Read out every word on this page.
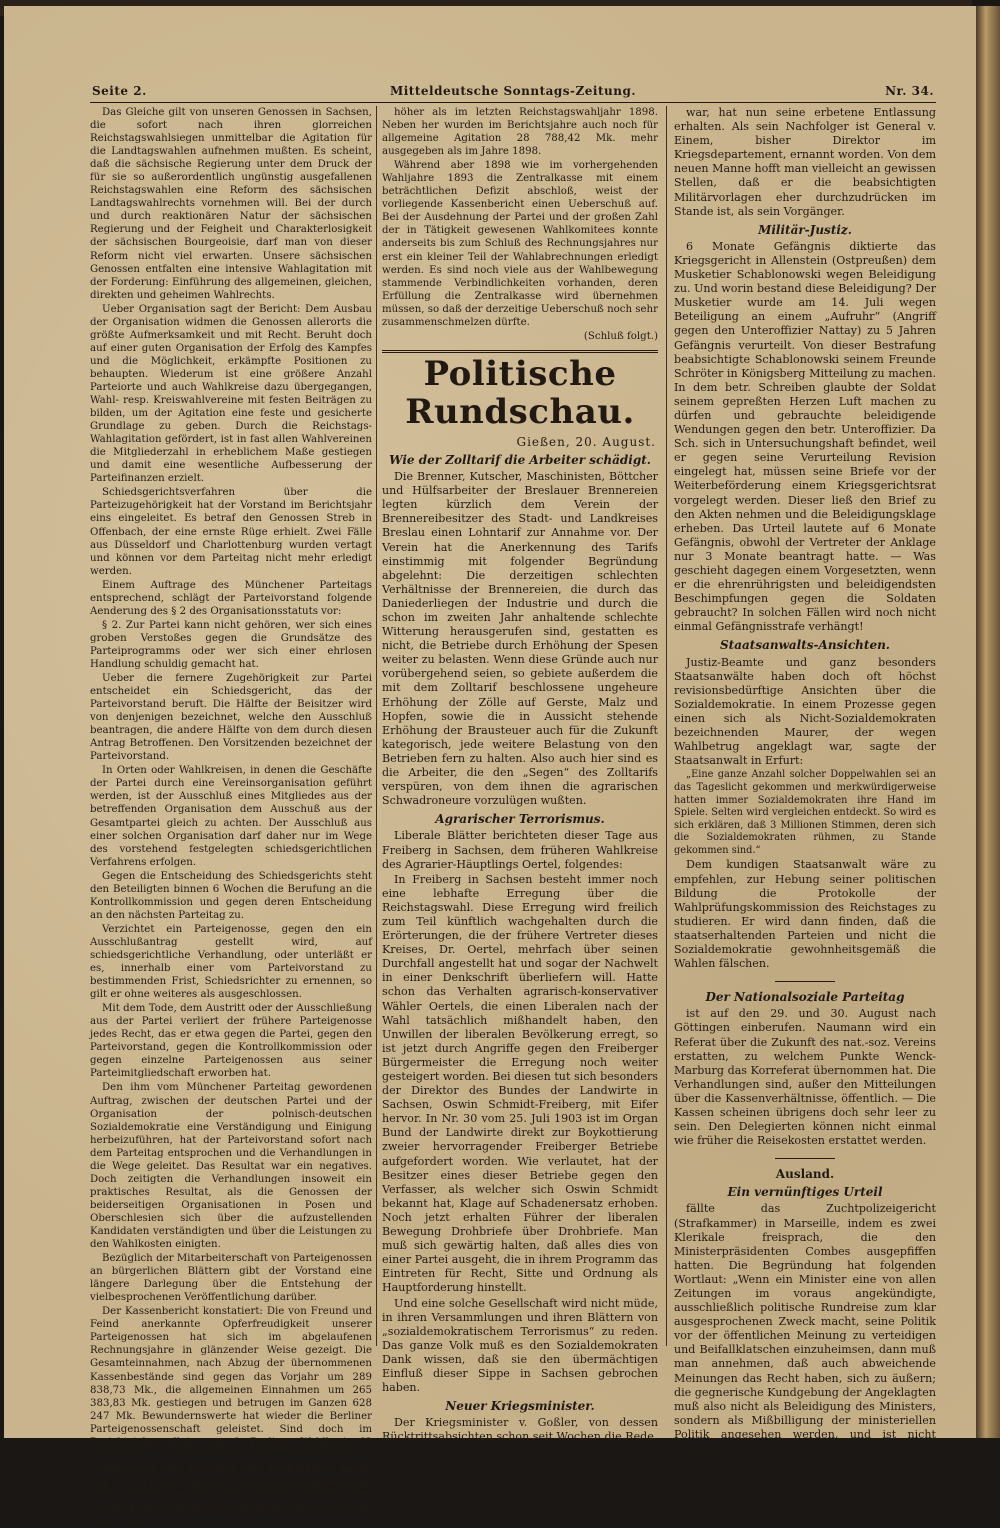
Seite 2.	Mitteldeutsche Sonntags-Zeitung.	Nr. 34.

Das Gleiche gilt von unseren Genossen in Sachsen, die sofort nach ihren glorreichen Reichstagswahlsiegen unmittelbar die Agitation für die Landtagswahlen aufnehmen mußten. Es scheint, daß die sächsische Regierung unter dem Druck der für sie so außerordentlich ungünstig ausgefallenen Reichstagswahlen eine Reform des sächsischen Landtagswahlrechts vornehmen will. Bei der durch und durch reaktionären Natur der sächsischen Regierung und der Feigheit und Charakterlosigkeit der sächsischen Bourgeoisie, darf man von dieser Reform nicht viel erwarten. Unsere sächsischen Genossen entfalten eine intensive Wahlagitation mit der Forderung: Einführung des allgemeinen, gleichen, direkten und geheimen Wahlrechts.

Ueber Organisation sagt der Bericht: Dem Ausbau der Organisation widmen die Genossen allerorts die größte Aufmerksamkeit und mit Recht. Beruht doch auf einer guten Organisation der Erfolg des Kampfes und die Möglichkeit, erkämpfte Positionen zu behaupten. Wiederum ist eine größere Anzahl Parteiorte und auch Wahlkreise dazu übergegangen, Wahl- resp. Kreiswahlvereine mit festen Beiträgen zu bilden, um der Agitation eine feste und gesicherte Grundlage zu geben. Durch die Reichstags-Wahlagitation gefördert, ist in fast allen Wahlvereinen die Mitgliederzahl in erheblichem Maße gestiegen und damit eine wesentliche Aufbesserung der Parteifinanzen erzielt.

Schiedsgerichtsverfahren über die Parteizugehörigkeit hat der Vorstand im Berichtsjahr eins eingeleitet. Es betraf den Genossen Streb in Offenbach, der eine ernste Rüge erhielt. Zwei Fälle aus Düsseldorf und Charlottenburg wurden vertagt und können vor dem Parteitag nicht mehr erledigt werden.

Einem Auftrage des Münchener Parteitags entsprechend, schlägt der Parteivorstand folgende Aenderung des § 2 des Organisationsstatuts vor:

§ 2. Zur Partei kann nicht gehören, wer sich eines groben Verstoßes gegen die Grundsätze des Parteiprogramms oder wer sich einer ehrlosen Handlung schuldig gemacht hat.

Ueber die fernere Zugehörigkeit zur Partei entscheidet ein Schiedsgericht, das der Parteivorstand beruft. Die Hälfte der Beisitzer wird von denjenigen bezeichnet, welche den Ausschluß beantragen, die andere Hälfte von dem durch diesen Antrag Betroffenen. Den Vorsitzenden bezeichnet der Parteivorstand.

In Orten oder Wahlkreisen, in denen die Geschäfte der Partei durch eine Vereinsorganisation geführt werden, ist der Ausschluß eines Mitgliedes aus der betreffenden Organisation dem Ausschuß aus der Gesamtpartei gleich zu achten. Der Ausschluß aus einer solchen Organisation darf daher nur im Wege des vorstehend festgelegten schiedsgerichtlichen Verfahrens erfolgen.

Gegen die Entscheidung des Schiedsgerichts steht den Beteiligten binnen 6 Wochen die Berufung an die Kontrollkommission und gegen deren Entscheidung an den nächsten Parteitag zu.

Verzichtet ein Parteigenosse, gegen den ein Ausschlußantrag gestellt wird, auf schiedsgerichtliche Verhandlung, oder unterläßt er es, innerhalb einer vom Parteivorstand zu bestimmenden Frist, Schiedsrichter zu ernennen, so gilt er ohne weiteres als ausgeschlossen.

Mit dem Tode, dem Austritt oder der Ausschließung aus der Partei verliert der frühere Parteigenosse jedes Recht, das er etwa gegen die Partei, gegen den Parteivorstand, gegen die Kontrollkommission oder gegen einzelne Parteigenossen aus seiner Parteimitgliedschaft erworben hat.

Den ihm vom Münchener Parteitag gewordenen Auftrag, zwischen der deutschen Partei und der Organisation der polnisch-deutschen Sozialdemokratie eine Verständigung und Einigung herbeizuführen, hat der Parteivorstand sofort nach dem Parteitag entsprochen und die Verhandlungen in die Wege geleitet. Das Resultat war ein negatives. Doch zeitigten die Verhandlungen insoweit ein praktisches Resultat, als die Genossen der beiderseitigen Organisationen in Posen und Oberschlesien sich über die aufzustellenden Kandidaten verständigten und über die Leistungen zu den Wahlkosten einigten.

Bezüglich der Mitarbeiterschaft von Parteigenossen an bürgerlichen Blättern gibt der Vorstand eine längere Darlegung über die Entstehung der vielbesprochenen Veröffentlichung darüber.

Der Kassenbericht konstatiert: Die von Freund und Feind anerkannte Opferfreudigkeit unserer Parteigenossen hat sich im abgelaufenen Rechnungsjahre in glänzender Weise gezeigt. Die Gesamteinnahmen, nach Abzug der übernommenen Kassenbestände sind gegen das Vorjahr um 289 838,73 Mk., die allgemeinen Einnahmen um 265 383,83 Mk. gestiegen und betrugen im Ganzen 628 247 Mk. Bewundernswerte hat wieder die Berliner Parteigenossenschaft geleistet. Sind doch im Berichtsjahre allein vom 6. Berliner Wahlkreis 63 259,16 Mk. an die Zentralkasse abgeführt worden.

Aber auch die Ausgaben der Zentralkasse haben mit 554 211,88 Mk. eine noch nicht dagewesene Höhe erreicht. Obenan stehen natürlich die Ausgaben für die Kosten der Reichstagswahlen. Sie sind um 68 840,35 Mk

höher als im letzten Reichstagswahljahr 1898. Neben her wurden im Berichtsjahre auch noch für allgemeine Agitation 28 788,42 Mk. mehr ausgegeben als im Jahre 1898.

Während aber 1898 wie im vorhergehenden Wahljahre 1893 die Zentralkasse mit einem beträchtlichen Defizit abschloß, weist der vorliegende Kassenbericht einen Ueberschuß auf. Bei der Ausdehnung der Partei und der großen Zahl der in Tätigkeit gewesenen Wahlkomitees konnte anderseits bis zum Schluß des Rechnungsjahres nur erst ein kleiner Teil der Wahlabrechnungen erledigt werden. Es sind noch viele aus der Wahlbewegung stammende Verbindlichkeiten vorhanden, deren Erfüllung die Zentralkasse wird übernehmen müssen, so daß der derzeitige Ueberschuß noch sehr zusammenschmelzen dürfte.

(Schluß folgt.)

Politische Rundschau.
Gießen, 20. August.
Wie der Zolltarif die Arbeiter schädigt.

Die Brenner, Kutscher, Maschinisten, Böttcher und Hülfsarbeiter der Breslauer Brennereien legten kürzlich dem Verein der Brennereibesitzer des Stadt- und Landkreises Breslau einen Lohntarif zur Annahme vor. Der Verein hat die Anerkennung des Tarifs einstimmig mit folgender Begründung abgelehnt: Die derzeitigen schlechten Verhältnisse der Brennereien, die durch das Daniederliegen der Industrie und durch die schon im zweiten Jahr anhaltende schlechte Witterung herausgerufen sind, gestatten es nicht, die Betriebe durch Erhöhung der Spesen weiter zu belasten. Wenn diese Gründe auch nur vorübergehend seien, so gebiete außerdem die mit dem Zolltarif beschlossene ungeheure Erhöhung der Zölle auf Gerste, Malz und Hopfen, sowie die in Aussicht stehende Erhöhung der Brausteuer auch für die Zukunft kategorisch, jede weitere Belastung von den Betrieben fern zu halten. Also auch hier sind es die Arbeiter, die den „Segen“ des Zolltarifs verspüren, von dem ihnen die agrarischen Schwadroneure vorzulügen wußten.

Agrarischer Terrorismus.

Liberale Blätter berichteten dieser Tage aus Freiberg in Sachsen, dem früheren Wahlkreise des Agrarier-Häuptlings Oertel, folgendes:

In Freiberg in Sachsen besteht immer noch eine lebhafte Erregung über die Reichstagswahl. Diese Erregung wird freilich zum Teil künftlich wachgehalten durch die Erörterungen, die der frühere Vertreter dieses Kreises, Dr. Oertel, mehrfach über seinen Durchfall angestellt hat und sogar der Nachwelt in einer Denkschrift überliefern will. Hatte schon das Verhalten agrarisch-konservativer Wähler Oertels, die einen Liberalen nach der Wahl tatsächlich mißhandelt haben, den Unwillen der liberalen Bevölkerung erregt, so ist jetzt durch Angriffe gegen den Freiberger Bürgermeister die Erregung noch weiter gesteigert worden. Bei diesen tut sich besonders der Direktor des Bundes der Landwirte in Sachsen, Oswin Schmidt-Freiberg, mit Eifer hervor. In Nr. 30 vom 25. Juli 1903 ist im Organ Bund der Landwirte direkt zur Boykottierung zweier hervorragender Freiberger Betriebe aufgefordert worden. Wie verlautet, hat der Besitzer eines dieser Betriebe gegen den Verfasser, als welcher sich Oswin Schmidt bekannt hat, Klage auf Schadenersatz erhoben. Noch jetzt erhalten Führer der liberalen Bewegung Drohbriefe über Drohbriefe. Man muß sich gewärtig halten, daß alles dies von einer Partei ausgeht, die in ihrem Programm das Eintreten für Recht, Sitte und Ordnung als Hauptforderung hinstellt.

Und eine solche Gesellschaft wird nicht müde, in ihren Versammlungen und ihren Blättern von „sozialdemokratischem Terrorismus“ zu reden. Das ganze Volk muß es den Sozialdemokraten Dank wissen, daß sie den übermächtigen Einfluß dieser Sippe in Sachsen gebrochen haben.

Neuer Kriegsminister.

Der Kriegsminister v. Goßler, von dessen Rücktrittsabsichten schon seit Wochen die Rede

war, hat nun seine erbetene Entlassung erhalten. Als sein Nachfolger ist General v. Einem, bisher Direktor im Kriegsdepartement, ernannt worden. Von dem neuen Manne hofft man vielleicht an gewissen Stellen, daß er die beabsichtigten Militärvorlagen eher durchzudrücken im Stande ist, als sein Vorgänger.

Militär-Justiz.

6 Monate Gefängnis diktierte das Kriegsgericht in Allenstein (Ostpreußen) dem Musketier Schablonowski wegen Beleidigung zu. Und worin bestand diese Beleidigung? Der Musketier wurde am 14. Juli wegen Beteiligung an einem „Aufruhr“ (Angriff gegen den Unteroffizier Nattay) zu 5 Jahren Gefängnis verurteilt. Von dieser Bestrafung beabsichtigte Schablonowski seinem Freunde Schröter in Königsberg Mitteilung zu machen. In dem betr. Schreiben glaubte der Soldat seinem gepreßten Herzen Luft machen zu dürfen und gebrauchte beleidigende Wendungen gegen den betr. Unteroffizier. Da Sch. sich in Untersuchungshaft befindet, weil er gegen seine Verurteilung Revision eingelegt hat, müssen seine Briefe vor der Weiterbeförderung einem Kriegsgerichtsrat vorgelegt werden. Dieser ließ den Brief zu den Akten nehmen und die Beleidigungsklage erheben. Das Urteil lautete auf 6 Monate Gefängnis, obwohl der Vertreter der Anklage nur 3 Monate beantragt hatte. — Was geschieht dagegen einem Vorgesetzten, wenn er die ehrenrührigsten und beleidigendsten Beschimpfungen gegen die Soldaten gebraucht? In solchen Fällen wird noch nicht einmal Gefängnisstrafe verhängt!

Staatsanwalts-Ansichten.

Justiz-Beamte und ganz besonders Staatsanwälte haben doch oft höchst revisionsbedürftige Ansichten über die Sozialdemokratie. In einem Prozesse gegen einen sich als Nicht-Sozialdemokraten bezeichnenden Maurer, der wegen Wahlbetrug angeklagt war, sagte der Staatsanwalt in Erfurt:

„Eine ganze Anzahl solcher Doppelwahlen sei an das Tageslicht gekommen und merkwürdigerweise hatten immer Sozialdemokraten ihre Hand im Spiele. Selten wird vergleichen entdeckt. So wird es sich erklären, daß 3 Millionen Stimmen, deren sich die Sozialdemokraten rühmen, zu Stande gekommen sind.“

Dem kundigen Staatsanwalt wäre zu empfehlen, zur Hebung seiner politischen Bildung die Protokolle der Wahlprüfungskommission des Reichstages zu studieren. Er wird dann finden, daß die staatserhaltenden Parteien und nicht die Sozialdemokratie gewohnheitsgemäß die Wahlen fälschen.

Der Nationalsoziale Parteitag

ist auf den 29. und 30. August nach Göttingen einberufen. Naumann wird ein Referat über die Zukunft des nat.-soz. Vereins erstatten, zu welchem Punkte Wenck-Marburg das Korreferat übernommen hat. Die Verhandlungen sind, außer den Mitteilungen über die Kassenverhältnisse, öffentlich. — Die Kassen scheinen übrigens doch sehr leer zu sein. Den Delegierten können nicht einmal wie früher die Reisekosten erstattet werden.

Ausland.
Ein vernünftiges Urteil

fällte das Zuchtpolizeigericht (Strafkammer) in Marseille, indem es zwei Klerikale freisprach, die den Ministerpräsidenten Combes ausgepfiffen hatten. Die Begründung hat folgenden Wortlaut: „Wenn ein Minister eine von allen Zeitungen im voraus angekündigte, ausschließlich politische Rundreise zum klar ausgesprochenen Zweck macht, seine Politik vor der öffentlichen Meinung zu verteidigen und Beifallklatschen einzuheimsen, dann muß man annehmen, daß auch abweichende Meinungen das Recht haben, sich zu äußern; die gegnerische Kundgebung der Angeklagten muß also nicht als Beleidigung des Ministers, sondern als Mißbilligung der ministeriellen Politik angesehen werden, und ist nicht strafbar.“
